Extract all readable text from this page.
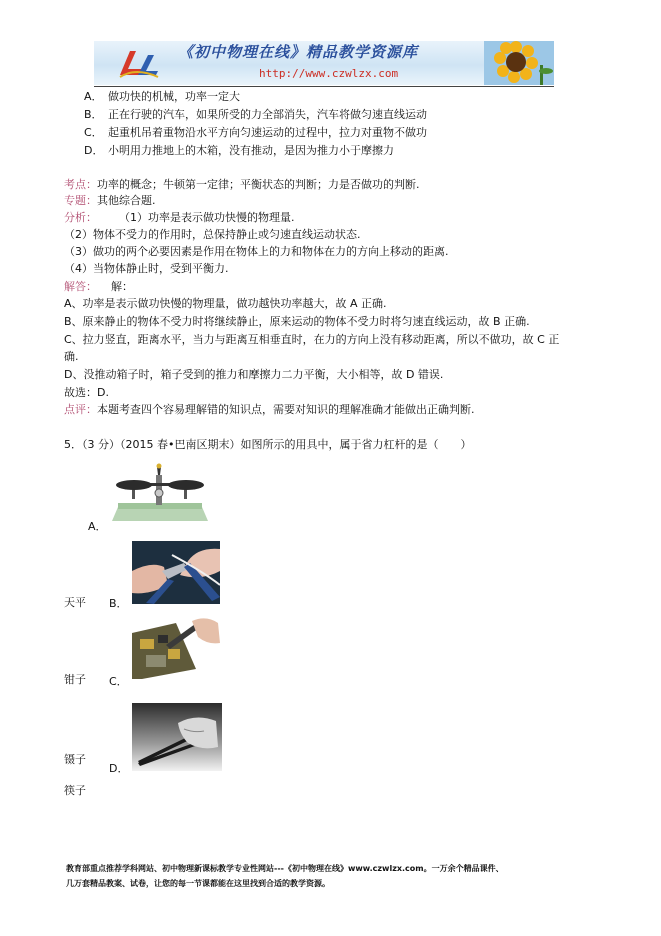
《初中物理在线》精品教学资源库
http://www.czwlzx.com
A． 做功快的机械，功率一定大
B． 正在行驶的汽车，如果所受的力全部消失，汽车将做匀速直线运动
C． 起重机吊着重物沿水平方向匀速运动的过程中，拉力对重物不做功
D． 小明用力推地上的木箱，没有推动，是因为推力小于摩擦力
考点：功率的概念；牛顿第一定律；平衡状态的判断；力是否做功的判断.
专题：其他综合题.
分析： （1）功率是表示做功快慢的物理量.
（2）物体不受力的作用时，总保持静止或匀速直线运动状态.
（3）做功的两个必要因素是作用在物体上的力和物体在力的方向上移动的距离.
（4）当物体静止时，受到平衡力.
解答： 解：
A、功率是表示做功快慢的物理量，做功越快功率越大，故 A 正确.
B、原来静止的物体不受力时将继续静止，原来运动的物体不受力时将匀速直线运动，故 B 正确.
C、拉力竖直，距离水平，当力与距离互相垂直时，在力的方向上没有移动距离，所以不做功，故 C 正
确.
D、没推动箱子时，箱子受到的推力和摩擦力二力平衡，大小相等，故 D 错误.
故选：D.
点评：本题考查四个容易理解错的知识点，需要对知识的理解准确才能做出正确判断.
5．（3 分）（2015 春•巴南区期末）如图所示的用具中，属于省力杠杆的是（　　）
A．
天平 B．
钳子 C．
镊子
D．
筷子
教育部重点推荐学科网站、初中物理新课标教学专业性网站---《初中物理在线》www.czwlzx.com。一万余个精品课件、
几万套精品教案、试卷，让您的每一节课都能在这里找到合适的教学资源。
